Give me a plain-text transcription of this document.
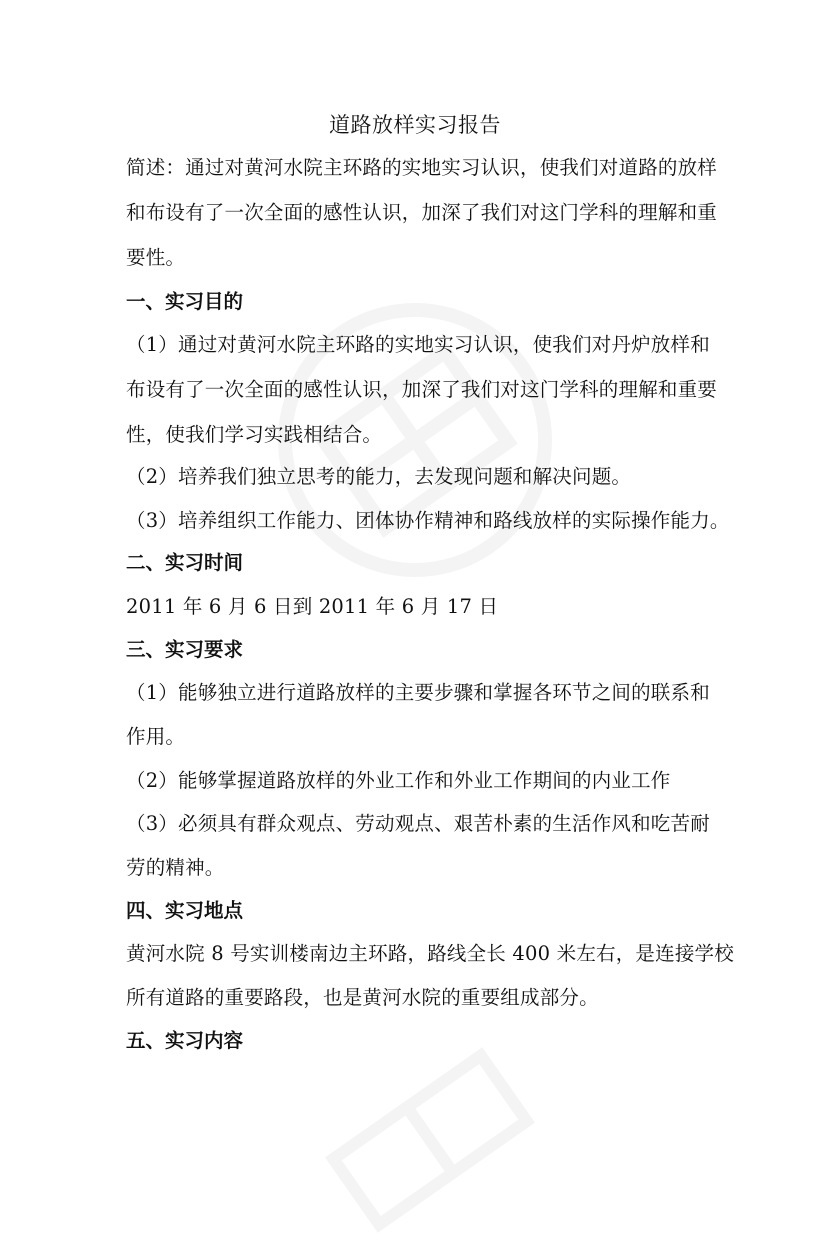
道路放样实习报告
简述：通过对黄河水院主环路的实地实习认识，使我们对道路的放样
和布设有了一次全面的感性认识，加深了我们对这门学科的理解和重
要性。
一、实习目的
（1）通过对黄河水院主环路的实地实习认识，使我们对丹炉放样和
布设有了一次全面的感性认识，加深了我们对这门学科的理解和重要
性，使我们学习实践相结合。
（2）培养我们独立思考的能力，去发现问题和解决问题。
（3）培养组织工作能力、团体协作精神和路线放样的实际操作能力。
二、实习时间
2011 年 6 月 6 日到 2011 年 6 月 17 日
三、实习要求
（1）能够独立进行道路放样的主要步骤和掌握各环节之间的联系和
作用。
（2）能够掌握道路放样的外业工作和外业工作期间的内业工作
（3）必须具有群众观点、劳动观点、艰苦朴素的生活作风和吃苦耐
劳的精神。
四、实习地点
黄河水院 8 号实训楼南边主环路，路线全长 400 米左右，是连接学校
所有道路的重要路段，也是黄河水院的重要组成部分。
五、实习内容
